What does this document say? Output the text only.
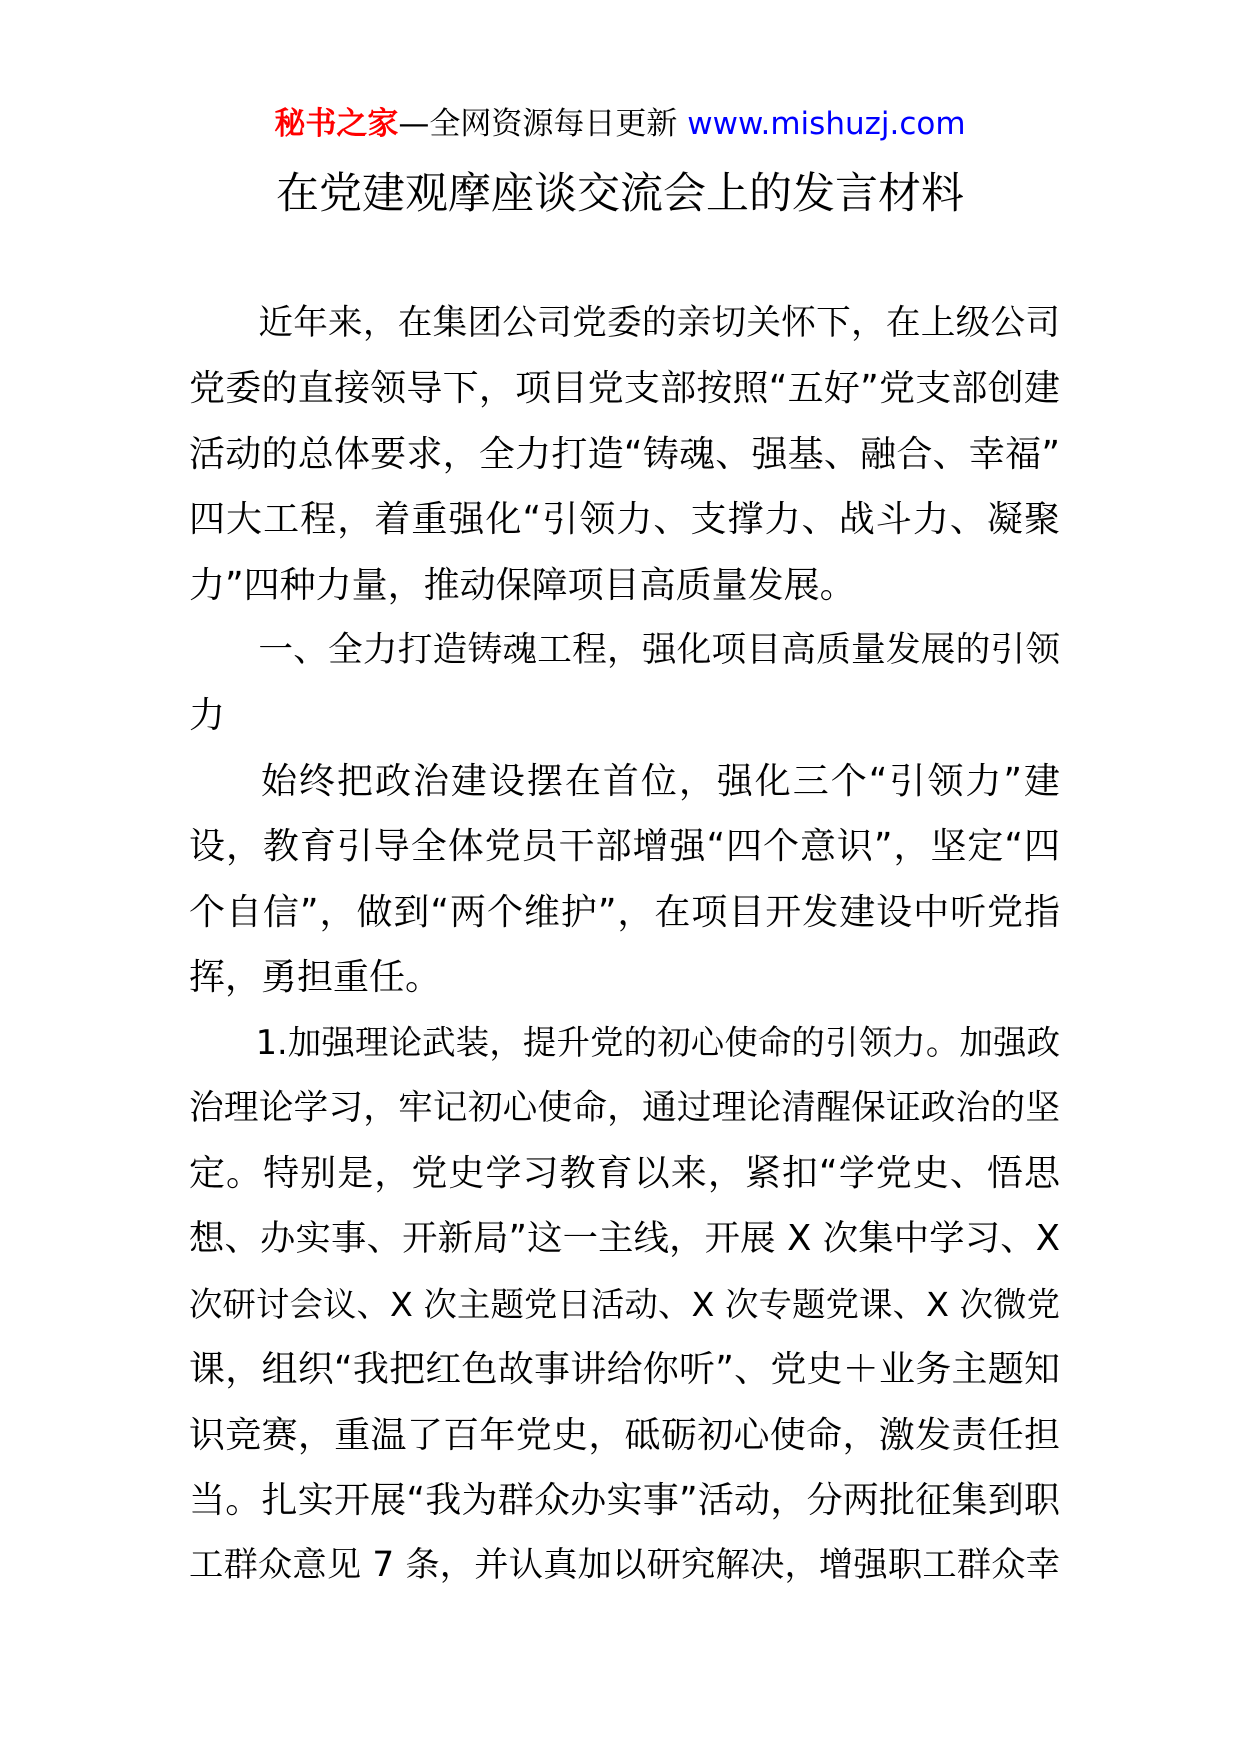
秘书之家—全网资源每日更新 www.mishuzj.com
在党建观摩座谈交流会上的发言材料
近年来，在集团公司党委的亲切关怀下，在上级公司
党委的直接领导下，项目党支部按照“五好”党支部创建
活动的总体要求，全力打造“铸魂、强基、融合、幸福”
四大工程，着重强化“引领力、支撑力、战斗力、凝聚
力”四种力量，推动保障项目高质量发展。
一、全力打造铸魂工程，强化项目高质量发展的引领
力
始终把政治建设摆在首位，强化三个“引领力”建
设，教育引导全体党员干部增强“四个意识”，坚定“四
个自信”，做到“两个维护”，在项目开发建设中听党指
挥，勇担重任。
1.加强理论武装，提升党的初心使命的引领力。加强政
治理论学习，牢记初心使命，通过理论清醒保证政治的坚
定。特别是，党史学习教育以来，紧扣“学党史、悟思
想、办实事、开新局”这一主线，开展 X 次集中学习、X
次研讨会议、X 次主题党日活动、X 次专题党课、X 次微党
课，组织“我把红色故事讲给你听”、党史＋业务主题知
识竞赛，重温了百年党史，砥砺初心使命，激发责任担
当。扎实开展“我为群众办实事”活动，分两批征集到职
工群众意见 7 条，并认真加以研究解决，增强职工群众幸
